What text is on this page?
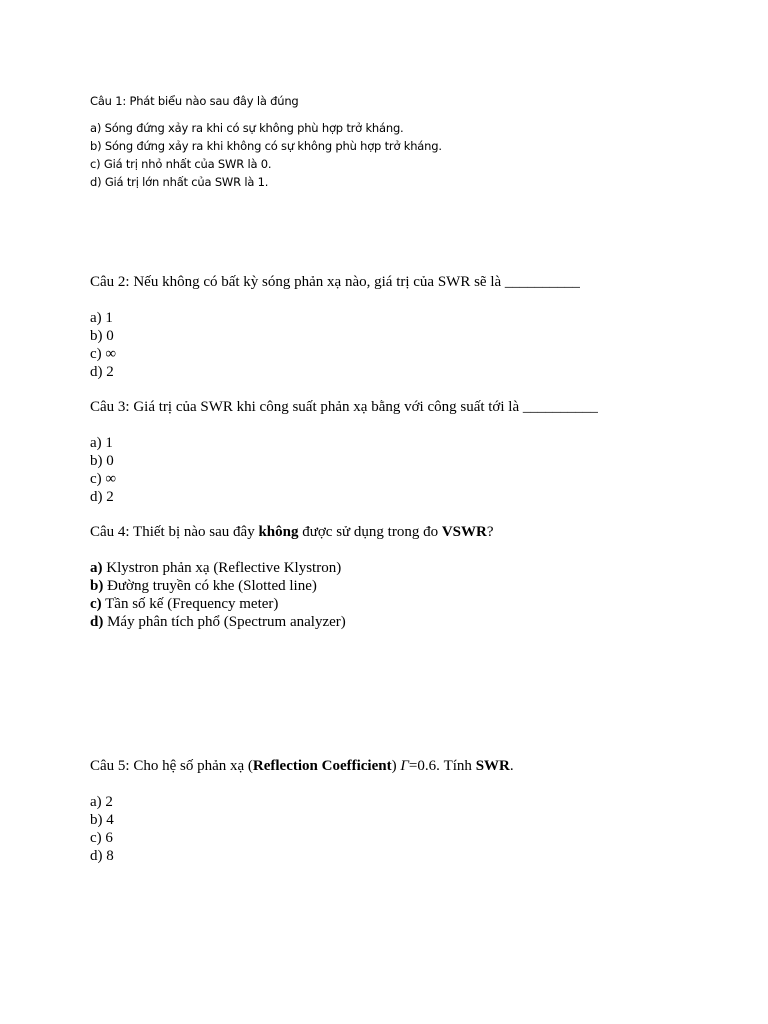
Câu 1: Phát biểu nào sau đây là đúng
a) Sóng đứng xảy ra khi có sự không phù hợp trở kháng.
b) Sóng đứng xảy ra khi không có sự không phù hợp trở kháng.
c) Giá trị nhỏ nhất của SWR là 0.
d) Giá trị lớn nhất của SWR là 1.
Câu 2: Nếu không có bất kỳ sóng phản xạ nào, giá trị của SWR sẽ là __________
a) 1
b) 0
c) ∞
d) 2
Câu 3: Giá trị của SWR khi công suất phản xạ bằng với công suất tới là __________
a) 1
b) 0
c) ∞
d) 2
Câu 4: Thiết bị nào sau đây không được sử dụng trong đo VSWR?
a) Klystron phản xạ (Reflective Klystron)
b) Đường truyền có khe (Slotted line)
c) Tần số kế (Frequency meter)
d) Máy phân tích phổ (Spectrum analyzer)
Câu 5: Cho hệ số phản xạ (Reflection Coefficient) Γ=0.6. Tính SWR.
a) 2
b) 4
c) 6
d) 8
